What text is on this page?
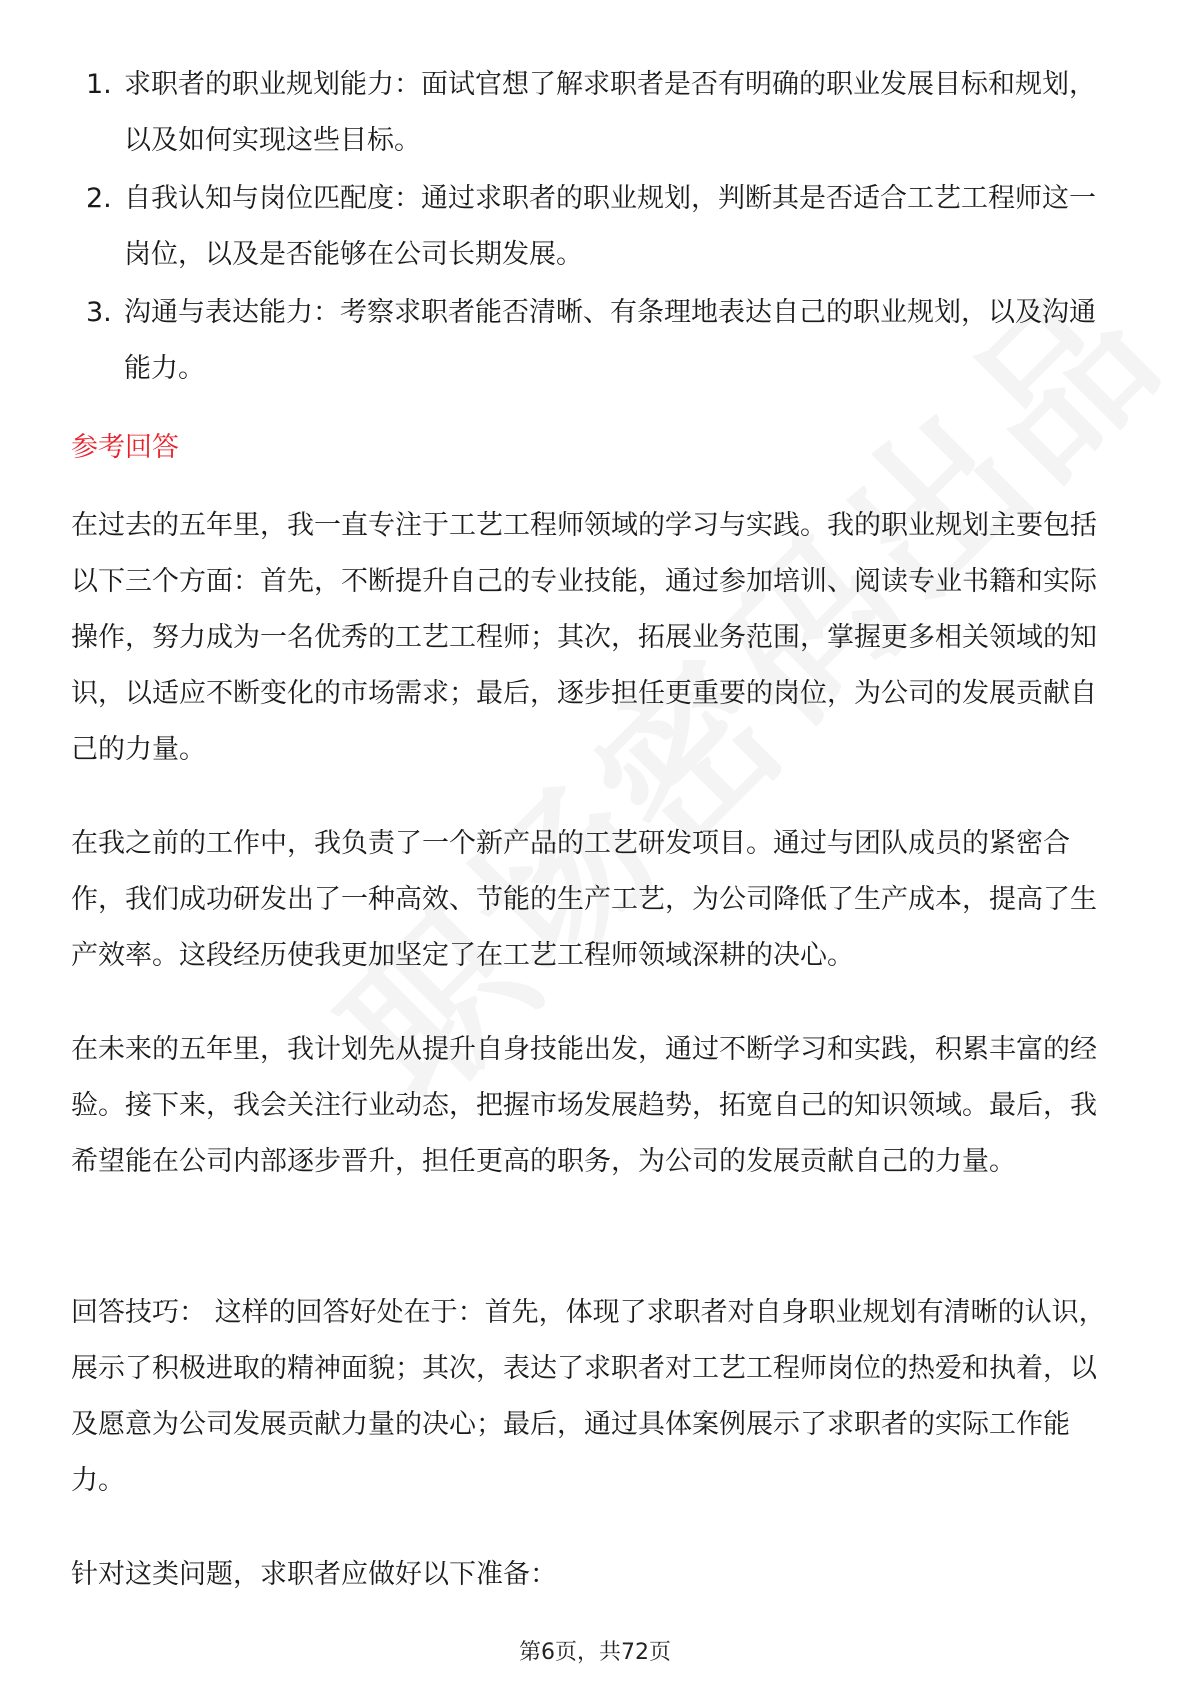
1. 求职者的职业规划能力：面试官想了解求职者是否有明确的职业发展目标和规划，以及如何实现这些目标。
2. 自我认知与岗位匹配度：通过求职者的职业规划，判断其是否适合工艺工程师这一岗位，以及是否能够在公司长期发展。
3. 沟通与表达能力：考察求职者能否清晰、有条理地表达自己的职业规划，以及沟通能力。
参考回答

在过去的五年里，我一直专注于工艺工程师领域的学习与实践。我的职业规划主要包括以下三个方面：首先，不断提升自己的专业技能，通过参加培训、阅读专业书籍和实际操作，努力成为一名优秀的工艺工程师；其次，拓展业务范围，掌握更多相关领域的知识，以适应不断变化的市场需求；最后，逐步担任更重要的岗位，为公司的发展贡献自己的力量。

在我之前的工作中，我负责了一个新产品的工艺研发项目。通过与团队成员的紧密合作，我们成功研发出了一种高效、节能的生产工艺，为公司降低了生产成本，提高了生产效率。这段经历使我更加坚定了在工艺工程师领域深耕的决心。

在未来的五年里，我计划先从提升自身技能出发，通过不断学习和实践，积累丰富的经验。接下来，我会关注行业动态，把握市场发展趋势，拓宽自己的知识领域。最后，我希望能在公司内部逐步晋升，担任更高的职务，为公司的发展贡献自己的力量。

回答技巧： 这样的回答好处在于：首先，体现了求职者对自身职业规划有清晰的认识，展示了积极进取的精神面貌；其次，表达了求职者对工艺工程师岗位的热爱和执着，以及愿意为公司发展贡献力量的决心；最后，通过具体案例展示了求职者的实际工作能力。

针对这类问题，求职者应做好以下准备：

第6页，共72页
